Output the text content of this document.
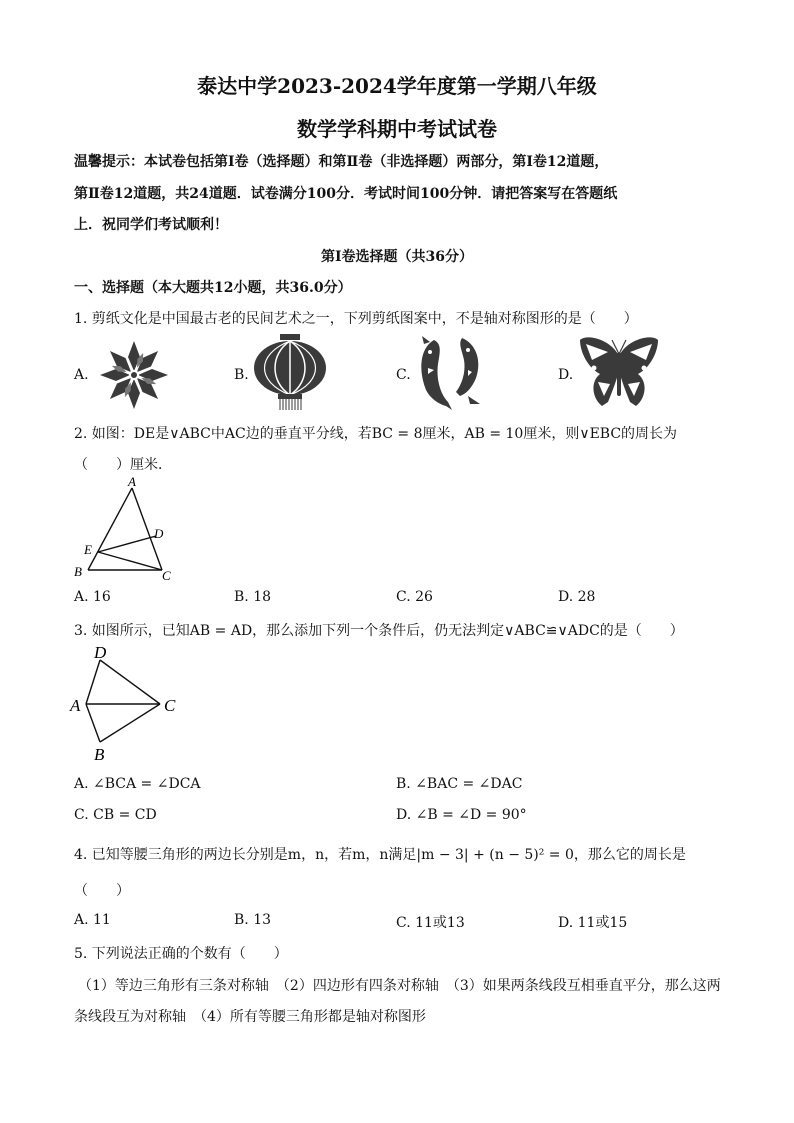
泰达中学2023-2024学年度第一学期八年级
数学学科期中考试试卷
温馨提示：本试卷包括第Ⅰ卷（选择题）和第Ⅱ卷（非选择题）两部分，第Ⅰ卷12道题，
第Ⅱ卷12道题，共24道题．试卷满分100分．考试时间100分钟．请把答案写在答题纸
上．祝同学们考试顺利！
第Ⅰ卷选择题（共36分）
一、选择题（本大题共12小题，共36.0分）
1. 剪纸文化是中国最古老的民间艺术之一，下列剪纸图案中，不是轴对称图形的是（　　）
A.	B.	C.	D.
2. 如图：DE是∨ABC中AC边的垂直平分线，若BC = 8厘米，AB = 10厘米，则∨EBC的周长为
（　　）厘米．
A
D
E
B	C
A. 16	B. 18	C. 26	D. 28
3. 如图所示，已知AB = AD，那么添加下列一个条件后，仍无法判定∨ABC≌∨ADC的是（　　）
D
A	C
B
A. ∠BCA = ∠DCA	B. ∠BAC = ∠DAC
C. CB = CD	D. ∠B = ∠D = 90°
4. 已知等腰三角形的两边长分别是m，n，若m，n满足|m − 3| + (n − 5)² = 0，那么它的周长是
（　　）
A. 11	B. 13	C. 11或13	D. 11或15
5. 下列说法正确的个数有（　　）
（1）等边三角形有三条对称轴　（2）四边形有四条对称轴　（3）如果两条线段互相垂直平分，那么这两
条线段互为对称轴　（4）所有等腰三角形都是轴对称图形
